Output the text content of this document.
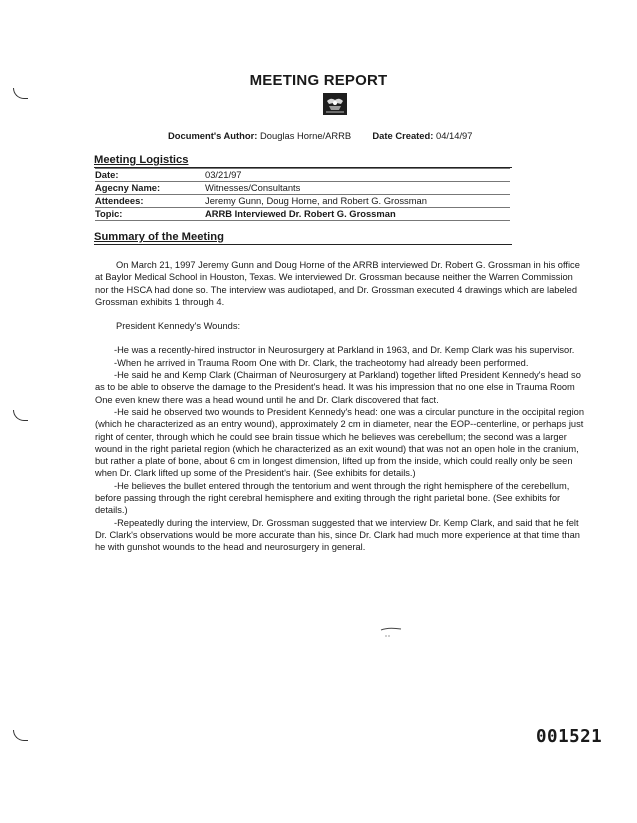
MEETING REPORT
Document's Author: Douglas Horne/ARRB Date Created: 04/14/97
Meeting Logistics
Date:	03/21/97
Agecny Name:	Witnesses/Consultants
Attendees:	Jeremy Gunn, Doug Horne, and Robert G. Grossman
Topic:	ARRB Interviewed Dr. Robert G. Grossman
Summary of the Meeting

On March 21, 1997 Jeremy Gunn and Doug Horne of the ARRB interviewed Dr. Robert G. Grossman in his office at Baylor Medical School in Houston, Texas. We interviewed Dr. Grossman because neither the Warren Commission nor the HSCA had done so. The interview was audiotaped, and Dr. Grossman executed 4 drawings which are labeled Grossman exhibits 1 through 4.

President Kennedy's Wounds:

-He was a recently-hired instructor in Neurosurgery at Parkland in 1963, and Dr. Kemp Clark was his supervisor.

-When he arrived in Trauma Room One with Dr. Clark, the tracheotomy had already been performed.

-He said he and Kemp Clark (Chairman of Neurosurgery at Parkland) together lifted President Kennedy's head so as to be able to observe the damage to the President's head. It was his impression that no one else in Trauma Room One even knew there was a head wound until he and Dr. Clark discovered that fact.

-He said he observed two wounds to President Kennedy's head: one was a circular puncture in the occipital region (which he characterized as an entry wound), approximately 2 cm in diameter, near the EOP--centerline, or perhaps just right of center, through which he could see brain tissue which he believes was cerebellum; the second was a larger wound in the right parietal region (which he characterized as an exit wound) that was not an open hole in the cranium, but rather a plate of bone, about 6 cm in longest dimension, lifted up from the inside, which could really only be seen when Dr. Clark lifted up some of the President's hair. (See exhibits for details.)

-He believes the bullet entered through the tentorium and went through the right hemisphere of the cerebellum, before passing through the right cerebral hemisphere and exiting through the right parietal bone. (See exhibits for details.)

-Repeatedly during the interview, Dr. Grossman suggested that we interview Dr. Kemp Clark, and said that he felt Dr. Clark's observations would be more accurate than his, since Dr. Clark had much more experience at that time than he with gunshot wounds to the head and neurosurgery in general.

001521
